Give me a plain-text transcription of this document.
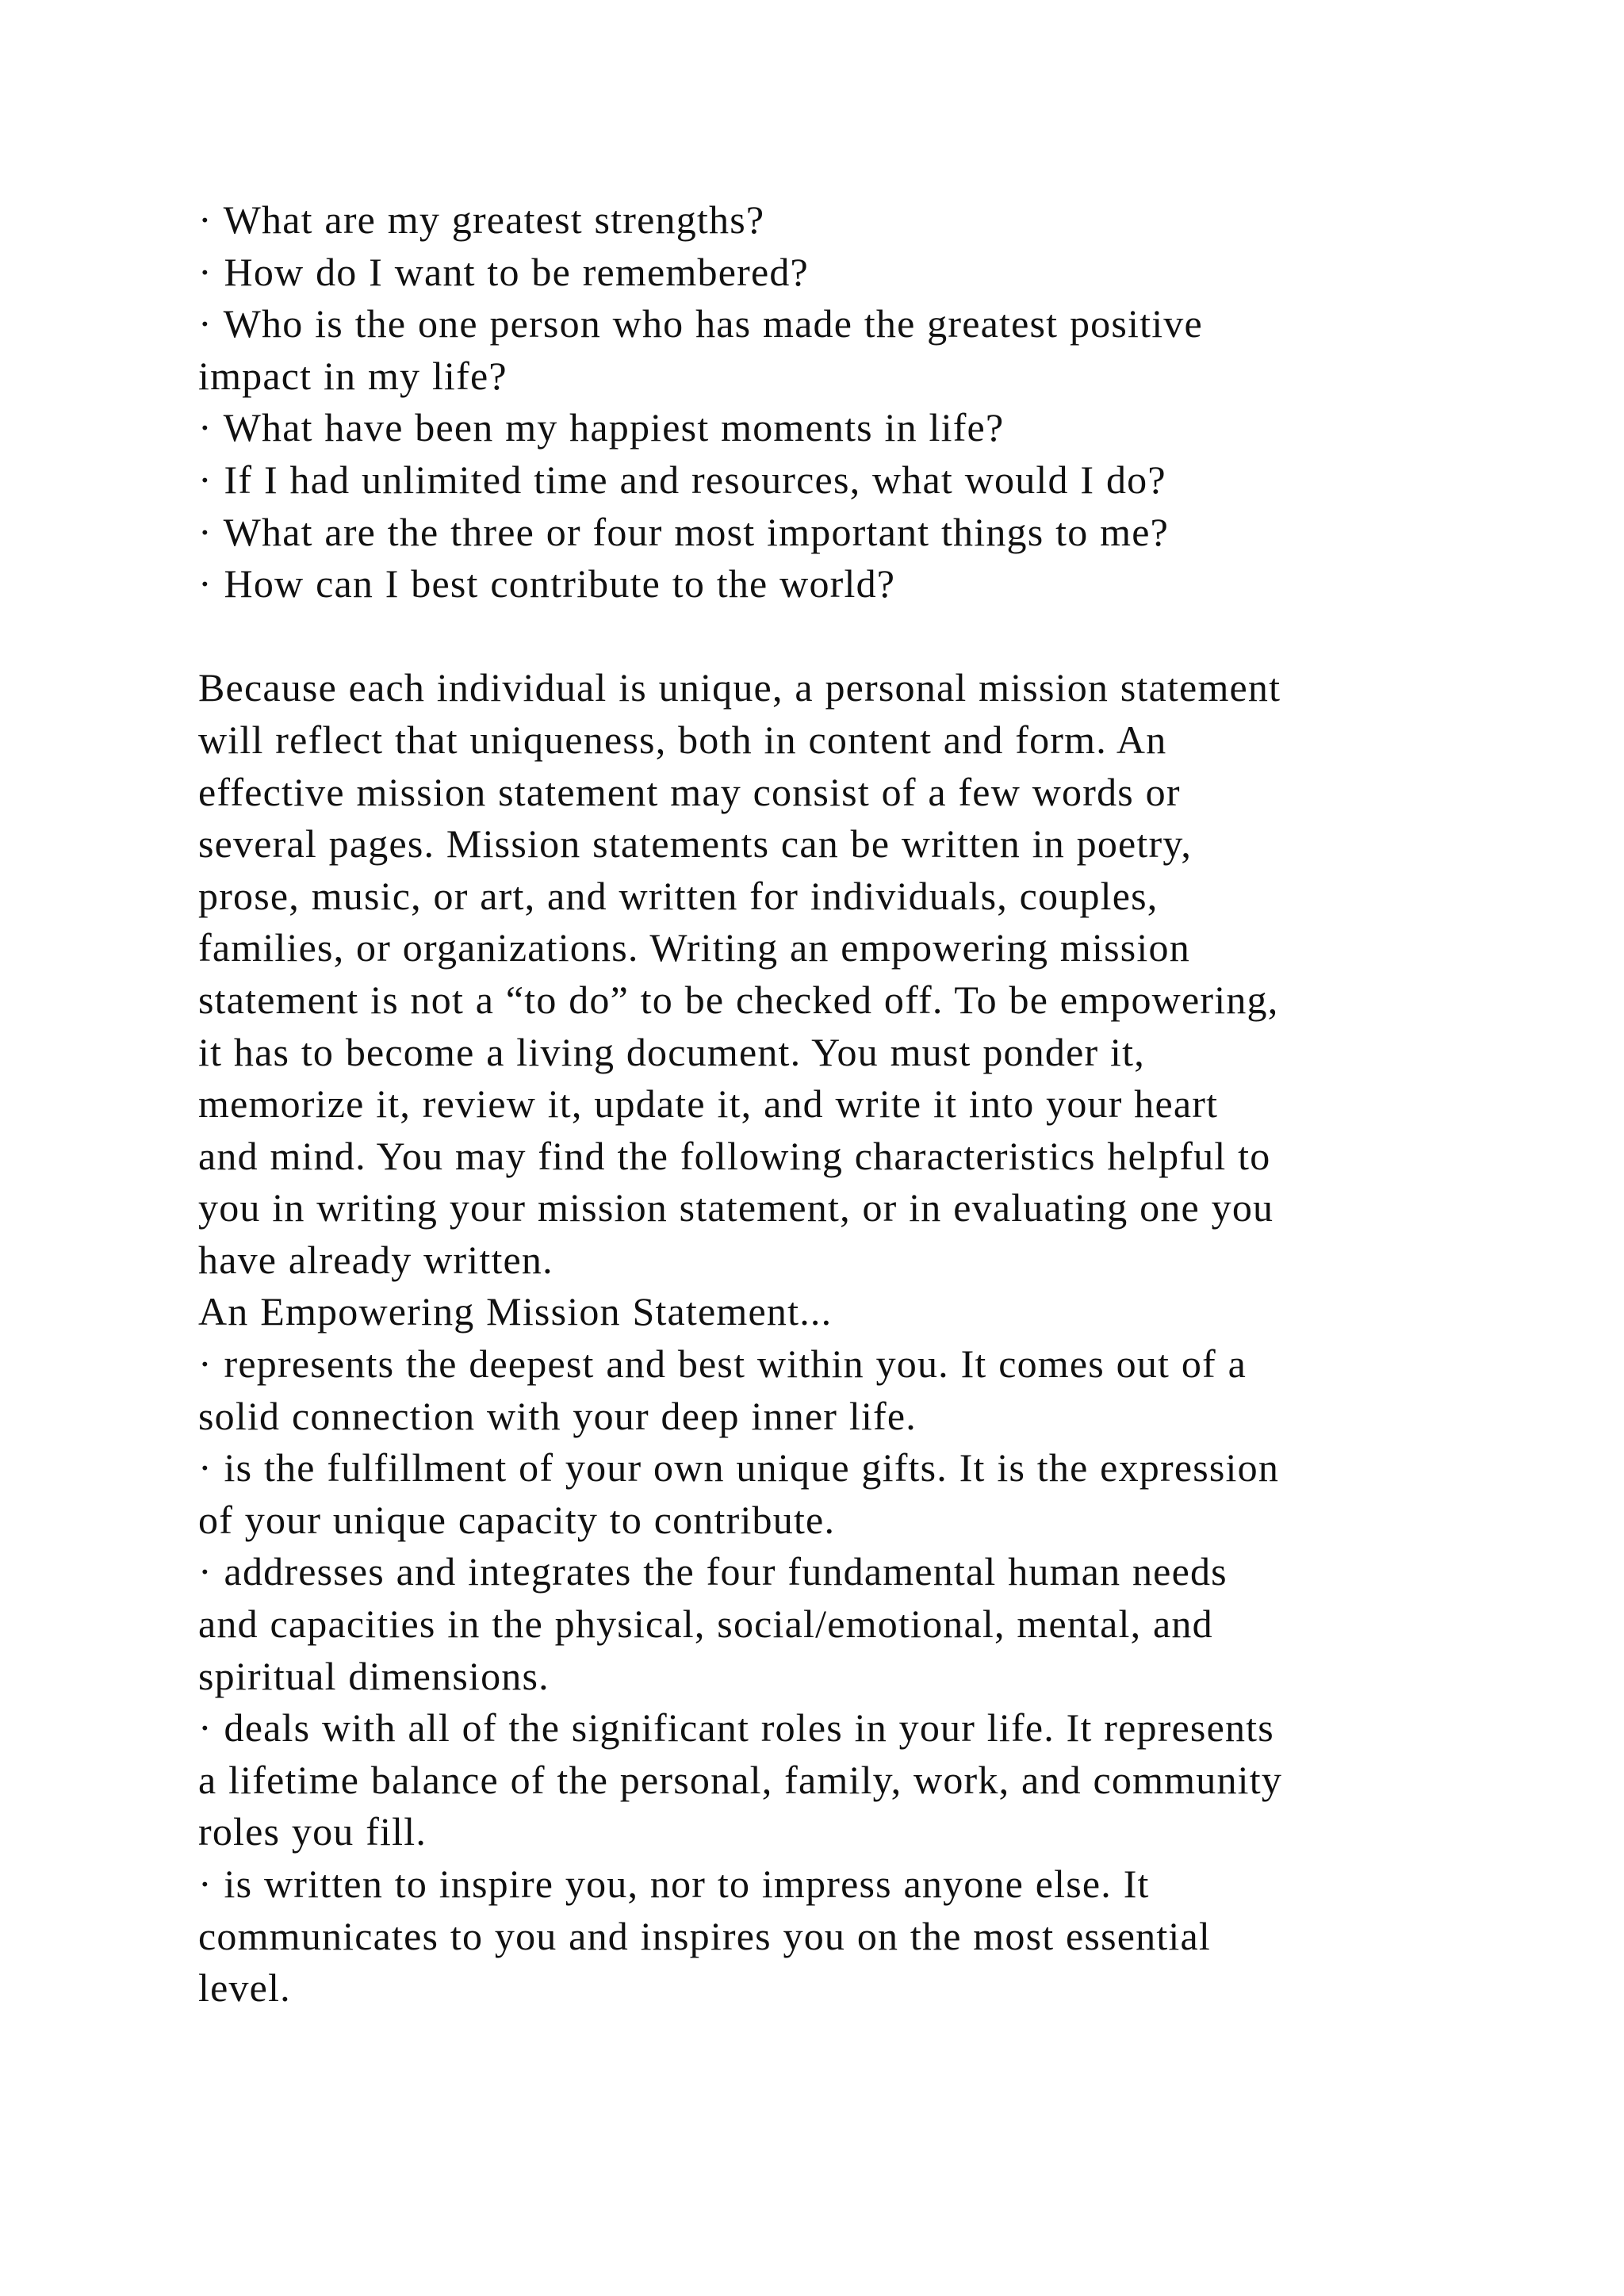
· What are my greatest strengths?
· How do I want to be remembered?
· Who is the one person who has made the greatest positive
impact in my life?
· What have been my happiest moments in life?
· If I had unlimited time and resources, what would I do?
· What are the three or four most important things to me?
· How can I best contribute to the world?
Because each individual is unique, a personal mission statement
will reflect that uniqueness, both in content and form. An
effective mission statement may consist of a few words or
several pages. Mission statements can be written in poetry,
prose, music, or art, and written for individuals, couples,
families, or organizations. Writing an empowering mission
statement is not a “to do” to be checked off. To be empowering,
it has to become a living document. You must ponder it,
memorize it, review it, update it, and write it into your heart
and mind. You may find the following characteristics helpful to
you in writing your mission statement, or in evaluating one you
have already written.
An Empowering Mission Statement...
· represents the deepest and best within you. It comes out of a
solid connection with your deep inner life.
· is the fulfillment of your own unique gifts. It is the expression
of your unique capacity to contribute.
· addresses and integrates the four fundamental human needs
and capacities in the physical, social/emotional, mental, and
spiritual dimensions.
· deals with all of the significant roles in your life. It represents
a lifetime balance of the personal, family, work, and community
roles you fill.
· is written to inspire you, nor to impress anyone else. It
communicates to you and inspires you on the most essential
level.
